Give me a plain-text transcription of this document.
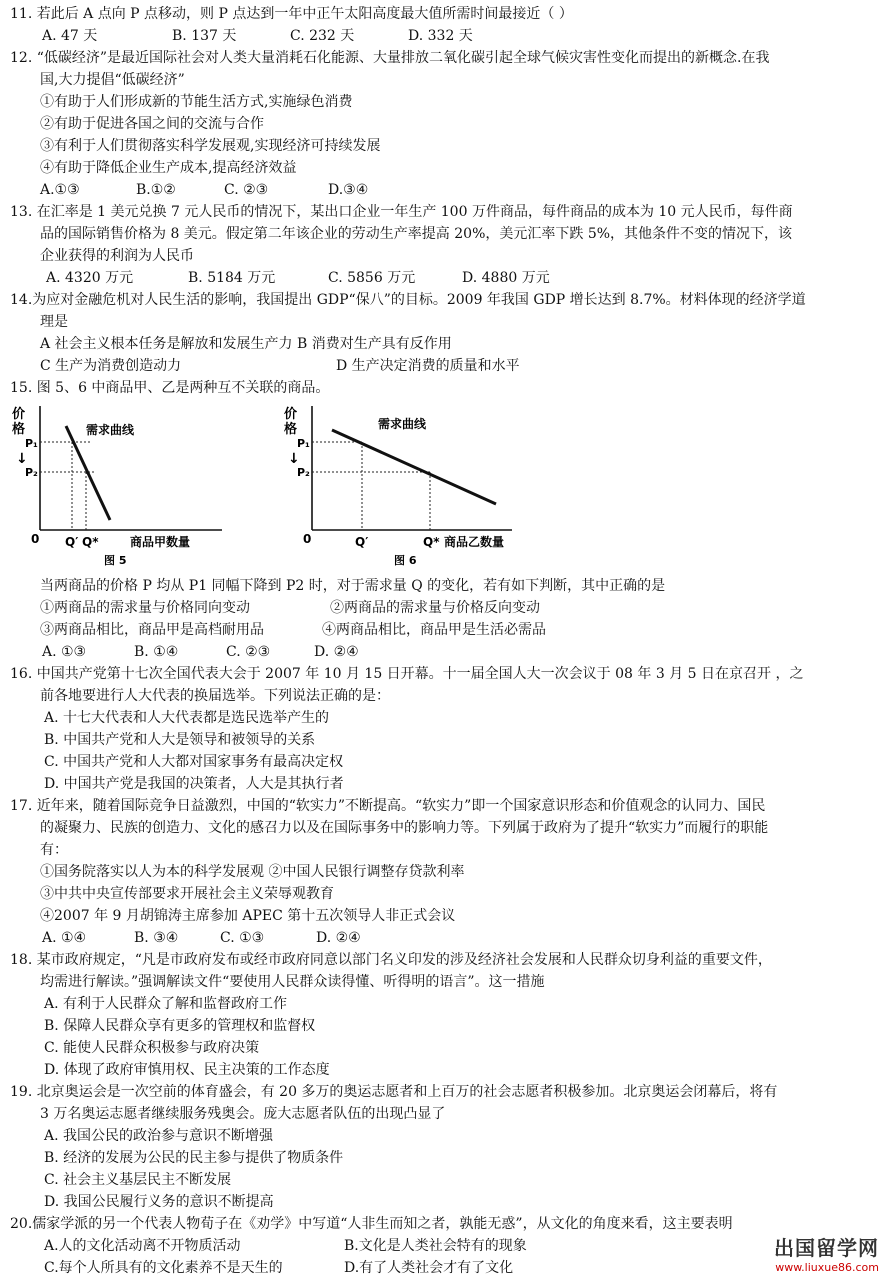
11. 若此后 A 点向 P 点移动，则 P 点达到一年中正午太阳高度最大值所需时间最接近（ ）
A. 47 天	B. 137 天	C. 232 天	D. 332 天
12. “低碳经济”是最近国际社会对人类大量消耗石化能源、大量排放二氧化碳引起全球气候灾害性变化而提出的新概念.在我
国,大力提倡“低碳经济”
①有助于人们形成新的节能生活方式,实施绿色消费
②有助于促进各国之间的交流与合作
③有利于人们贯彻落实科学发展观,实现经济可持续发展
④有助于降低企业生产成本,提高经济效益
A.①③	B.①②	C. ②③	D.③④
13. 在汇率是 1 美元兑换 7 元人民币的情况下，某出口企业一年生产 100 万件商品，每件商品的成本为 10 元人民币，每件商
品的国际销售价格为 8 美元。假定第二年该企业的劳动生产率提高 20%，美元汇率下跌 5%，其他条件不变的情况下，该
企业获得的利润为人民币
A. 4320 万元	B. 5184 万元	C. 5856 万元	D. 4880 万元
14.为应对金融危机对人民生活的影响，我国提出 GDP“保八”的目标。2009 年我国 GDP 增长达到 8.7%。材料体现的经济学道
理是
A 社会主义根本任务是解放和发展生产力 B 消费对生产具有反作用
C 生产为消费创造动力	D 生产决定消费的质量和水平
15. 图 5、6 中商品甲、乙是两种互不关联的商品。
价
格
↓
P₁
P₂
需求曲线
0 Q′ Q*	商品甲数量
图 5
价
格
↓
P₁
P₂
需求曲线
0	Q′	Q* 商品乙数量
图 6
当两商品的价格 P 均从 P1 同幅下降到 P2 时，对于需求量 Q 的变化，若有如下判断，其中正确的是
①两商品的需求量与价格同向变动	②两商品的需求量与价格反向变动
③两商品相比，商品甲是高档耐用品	④两商品相比，商品甲是生活必需品
A. ①③	B. ①④	C. ②③	D. ②④
16. 中国共产党第十七次全国代表大会于 2007 年 10 月 15 日开幕。十一届全国人大一次会议于 08 年 3 月 5 日在京召开 ，之
前各地要进行人大代表的换届选举。下列说法正确的是：
A. 十七大代表和人大代表都是选民选举产生的
B. 中国共产党和人大是领导和被领导的关系
C. 中国共产党和人大都对国家事务有最高决定权
D. 中国共产党是我国的决策者，人大是其执行者
17. 近年来，随着国际竞争日益激烈，中国的“软实力”不断提高。“软实力”即一个国家意识形态和价值观念的认同力、国民
的凝聚力、民族的创造力、文化的感召力以及在国际事务中的影响力等。下列属于政府为了提升“软实力”而履行的职能
有：
①国务院落实以人为本的科学发展观 ②中国人民银行调整存贷款利率
③中共中央宣传部要求开展社会主义荣辱观教育
④2007 年 9 月胡锦涛主席参加 APEC 第十五次领导人非正式会议
A. ①④	B. ③④	C. ①③	D. ②④
18. 某市政府规定，“凡是市政府发布或经市政府同意以部门名义印发的涉及经济社会发展和人民群众切身利益的重要文件，
均需进行解读。”强调解读文件“要使用人民群众读得懂、听得明的语言”。这一措施
A. 有利于人民群众了解和监督政府工作
B. 保障人民群众享有更多的管理权和监督权
C. 能使人民群众积极参与政府决策
D. 体现了政府审慎用权、民主决策的工作态度
19. 北京奥运会是一次空前的体育盛会，有 20 多万的奥运志愿者和上百万的社会志愿者积极参加。北京奥运会闭幕后，将有
3 万名奥运志愿者继续服务残奥会。庞大志愿者队伍的出现凸显了
A. 我国公民的政治参与意识不断增强
B. 经济的发展为公民的民主参与提供了物质条件
C. 社会主义基层民主不断发展
D. 我国公民履行义务的意识不断提高
20.儒家学派的另一个代表人物荀子在《劝学》中写道“人非生而知之者，孰能无惑”，从文化的角度来看，这主要表明
A.人的文化活动离不开物质活动	B.文化是人类社会特有的现象
C.每个人所具有的文化素养不是天生的	D.有了人类社会才有了文化
出国留学网
www.liuxue86.com
